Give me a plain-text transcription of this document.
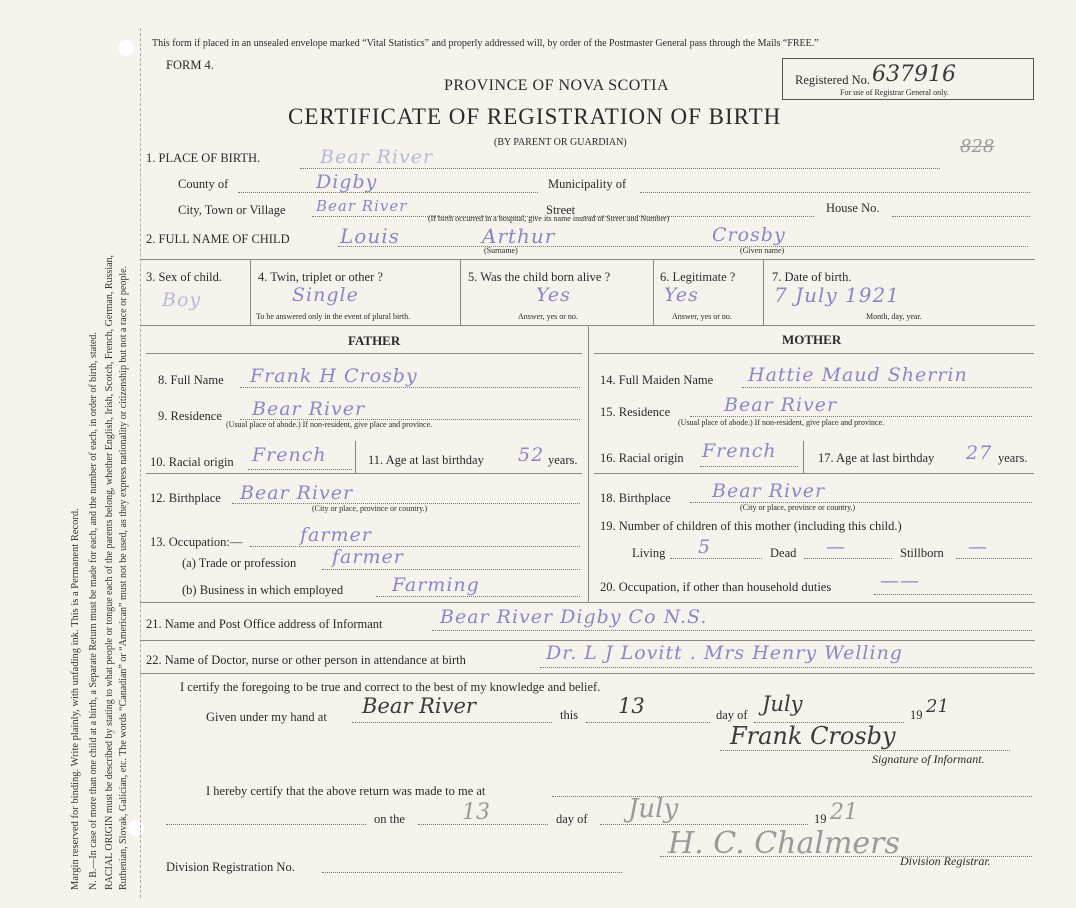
Margin reserved for binding. Write plainly, with unfading ink. This is a Permanent Record. N. B.—In case of more than one child at a birth, a Separate Return must be made for each, and the number of each, in order of birth, stated. RACIAL ORIGIN must be described by stating to what people or tongue each of the parents belong, whether English, Irish, Scotch, French, German, Russian, Ruthenian, Slovak, Galician, etc. The words “Canadian” or “American” must not be used, as they express nationality or citizenship but not a race or people.
This form if placed in an unsealed envelope marked “Vital Statistics” and properly addressed will, by order of the Postmaster General pass through the Mails “FREE.”
FORM 4.
Registered No. 637916
For use of Registrar General only.
828
PROVINCE OF NOVA SCOTIA
CERTIFICATE OF REGISTRATION OF BIRTH
(BY PARENT OR GUARDIAN)
1. PLACE OF BIRTH.	Bear River
County of	Digby	Municipality of
City, Town or Village Bear River	Street	House No.
(If birth occurred in a hospital, give its name instead of Street and Number)
2. FULL NAME OF CHILD	Louis	Arthur	Crosby
(Surname)	(Given name)
3. Sex of child.
Boy
4. Twin, triplet or other ?
Single
To be answered only in the event of plural birth.
5. Was the child born alive ?
Yes
Answer, yes or no.
6. Legitimate ?
Yes
Answer, yes or no.
7. Date of birth.
7 July 1921
Month, day, year.
FATHER	MOTHER
8. Full Name Frank H Crosby
9. Residence Bear River
(Usual place of abode.) If non-resident, give place and province.
10. Racial origin French	11. Age at last birthday 52 years.
12. Birthplace Bear River
(City or place, province or country.)
13. Occupation:—	farmer
(a) Trade or profession farmer
(b) Business in which employed	Farming
14. Full Maiden Name Hattie Maud Sherrin
15. Residence	Bear River
(Usual place of abode.) If non-resident, give place and province.
16. Racial origin French	17. Age at last birthday 27 years.
18. Birthplace Bear River
(City or place, province or country.)
19. Number of children of this mother (including this child.)
Living 5	Dead —	Stillborn —
20. Occupation, if other than household duties	——
21. Name and Post Office address of Informant	Bear River Digby Co N.S.
22. Name of Doctor, nurse or other person in attendance at birth	Dr. L J Lovitt . Mrs Henry Welling
I certify the foregoing to be true and correct to the best of my knowledge and belief.
Given under my hand at Bear River	this 13	day of July	19 21
Frank Crosby
Signature of Informant.
I hereby certify that the above return was made to me at
on the	13	day of July	19 21
H. C. Chalmers Division Registrar.
Division Registration No.
